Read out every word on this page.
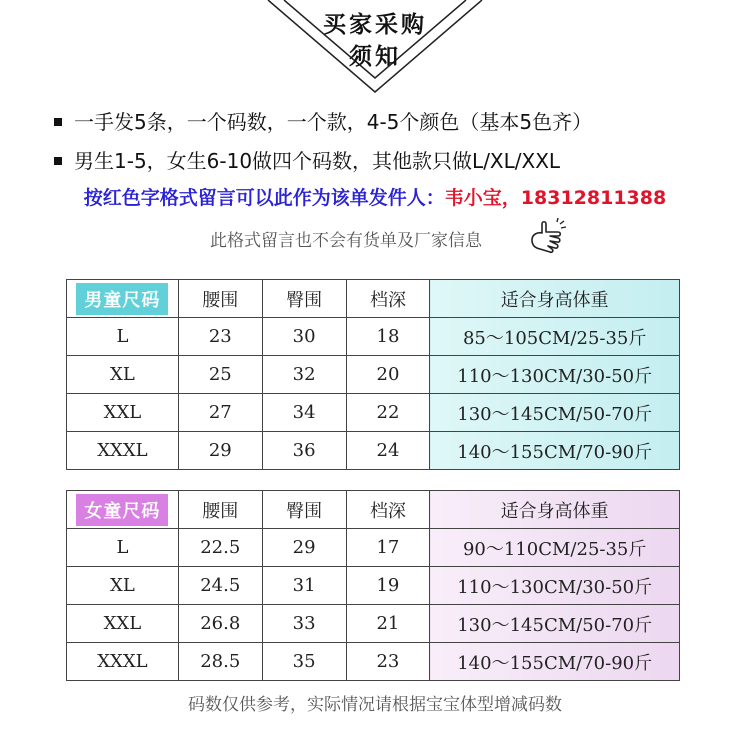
买家采购
须知
一手发5条，一个码数，一个款，4-5个颜色（基本5色齐）
男生1-5，女生6-10做四个码数，其他款只做L/XL/XXL
按红色字格式留言可以此作为该单发件人：韦小宝，18312811388
此格式留言也不会有货单及厂家信息
男童尺码	腰围	臀围	档深	适合身高体重
L	23	30	18	85～105CM/25-35斤
XL	25	32	20	110～130CM/30-50斤
XXL	27	34	22	130～145CM/50-70斤
XXXL	29	36	24	140～155CM/70-90斤
女童尺码	腰围	臀围	档深	适合身高体重
L	22.5	29	17	90～110CM/25-35斤
XL	24.5	31	19	110～130CM/30-50斤
XXL	26.8	33	21	130～145CM/50-70斤
XXXL	28.5	35	23	140～155CM/70-90斤
码数仅供参考，实际情况请根据宝宝体型增减码数
